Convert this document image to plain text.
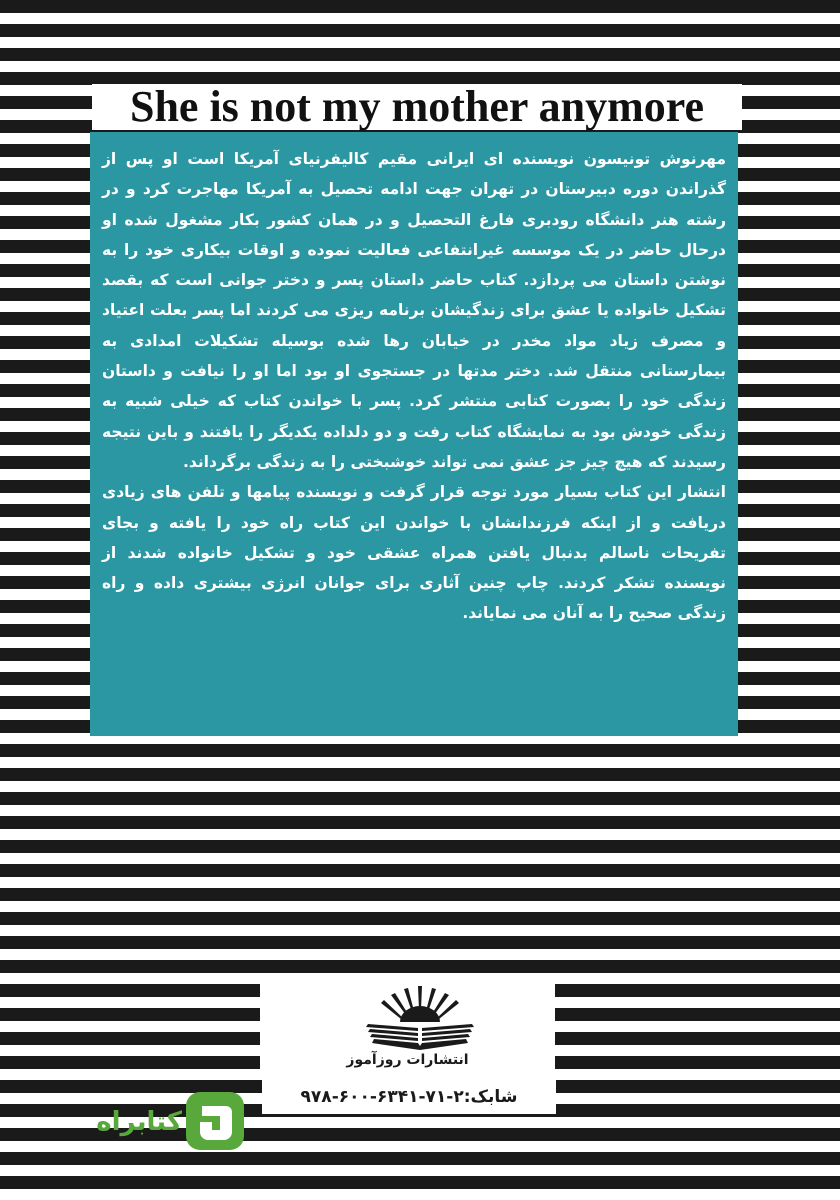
She is not my mother anymore

مهرنوش تونیسون نویسنده ای ایرانی مقیم کالیفرنیای آمریکا است او پس از گذراندن دوره دبیرستان در تهران جهت ادامه تحصیل به آمریکا مهاجرت کرد و در رشته هنر دانشگاه رودبری فارغ التحصیل و در همان کشور بکار مشغول شده او درحال حاضر در یک موسسه غیرانتفاعی فعالیت نموده و اوقات بیکاری خود را به نوشتن داستان می پردازد. کتاب حاضر داستان پسر و دختر جوانی است که بقصد تشکیل خانواده یا عشق برای زندگیشان برنامه ریزی می کردند اما پسر بعلت اعتیاد و مصرف زیاد مواد مخدر در خیابان رها شده بوسیله تشکیلات امدادی به بیمارستانی منتقل شد. دختر مدتها در جستجوی او بود اما او را نیافت و داستان زندگی خود را بصورت کتابی منتشر کرد. پسر با خواندن کتاب که خیلی شبیه به زندگی خودش بود به نمایشگاه کتاب رفت و دو دلداده یکدیگر را یافتند و باین نتیجه رسیدند که هیچ چیز جز عشق نمی تواند خوشبختی را به زندگی برگرداند.

انتشار این کتاب بسیار مورد توجه قرار گرفت و نویسنده پیامها و تلفن های زیادی دریافت و از اینکه فرزندانشان با خواندن این کتاب راه خود را یافته و بجای تفریحات ناسالم بدنبال یافتن همراه عشقی خود و تشکیل خانواده شدند از نویسنده تشکر کردند. چاپ چنین آثاری برای جوانان انرژی بیشتری داده و راه زندگی صحیح را به آنان می نمایاند.

انتشارات روزآموز
شابک:۲-۷۱-۶۳۴۱-۶۰۰-۹۷۸
کتابراه
